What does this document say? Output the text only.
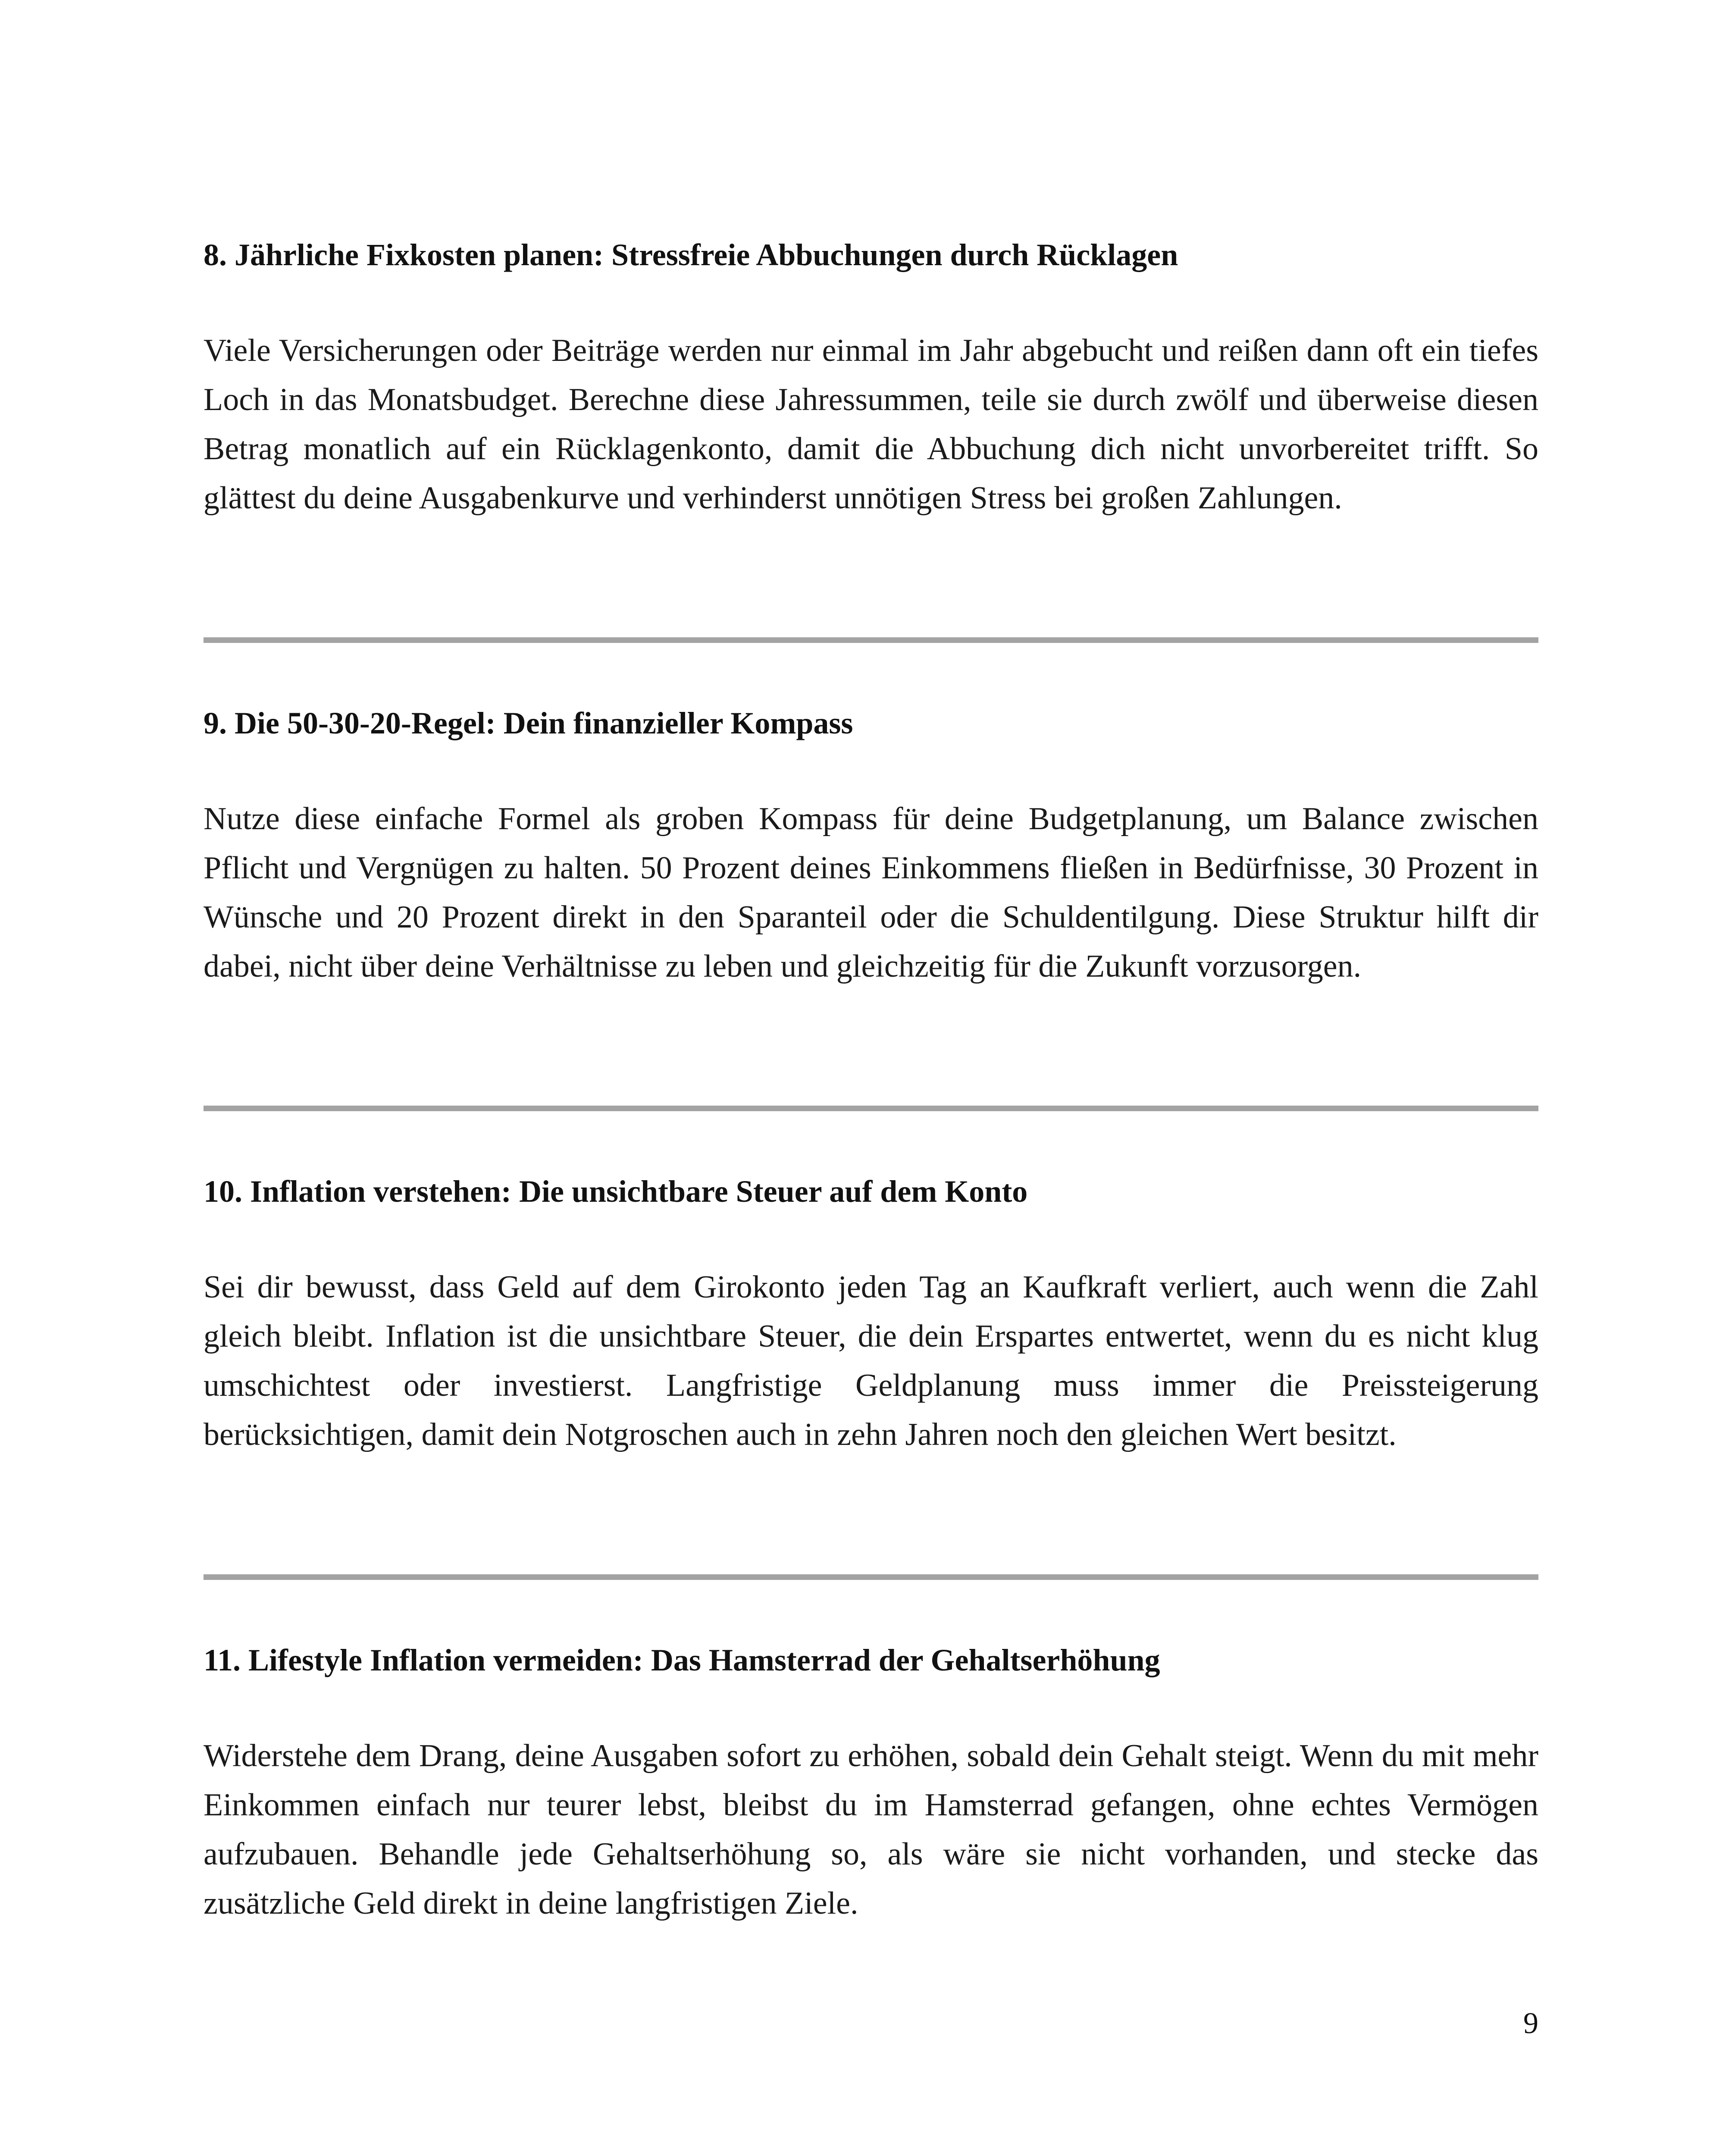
8. Jährliche Fixkosten planen: Stressfreie Abbuchungen durch Rücklagen

Viele Versicherungen oder Beiträge werden nur einmal im Jahr abgebucht und reißen dann oft ein tiefes Loch in das Monatsbudget. Berechne diese Jahressummen, teile sie durch zwölf und überweise diesen Betrag monatlich auf ein Rücklagenkonto, damit die Abbuchung dich nicht unvorbereitet trifft. So glättest du deine Ausgabenkurve und verhinderst unnötigen Stress bei großen Zahlungen.

9. Die 50-30-20-Regel: Dein finanzieller Kompass

Nutze diese einfache Formel als groben Kompass für deine Budgetplanung, um Balance zwischen Pflicht und Vergnügen zu halten. 50 Prozent deines Einkommens fließen in Bedürfnisse, 30 Prozent in Wünsche und 20 Prozent direkt in den Sparanteil oder die Schuldentilgung. Diese Struktur hilft dir dabei, nicht über deine Verhältnisse zu leben und gleichzeitig für die Zukunft vorzusorgen.

10. Inflation verstehen: Die unsichtbare Steuer auf dem Konto

Sei dir bewusst, dass Geld auf dem Girokonto jeden Tag an Kaufkraft verliert, auch wenn die Zahl gleich bleibt. Inflation ist die unsichtbare Steuer, die dein Erspartes entwertet, wenn du es nicht klug umschichtest oder investierst. Langfristige Geldplanung muss immer die Preissteigerung berücksichtigen, damit dein Notgroschen auch in zehn Jahren noch den gleichen Wert besitzt.

11. Lifestyle Inflation vermeiden: Das Hamsterrad der Gehaltserhöhung

Widerstehe dem Drang, deine Ausgaben sofort zu erhöhen, sobald dein Gehalt steigt. Wenn du mit mehr Einkommen einfach nur teurer lebst, bleibst du im Hamsterrad gefangen, ohne echtes Vermögen aufzubauen. Behandle jede Gehaltserhöhung so, als wäre sie nicht vorhanden, und stecke das zusätzliche Geld direkt in deine langfristigen Ziele.

9
